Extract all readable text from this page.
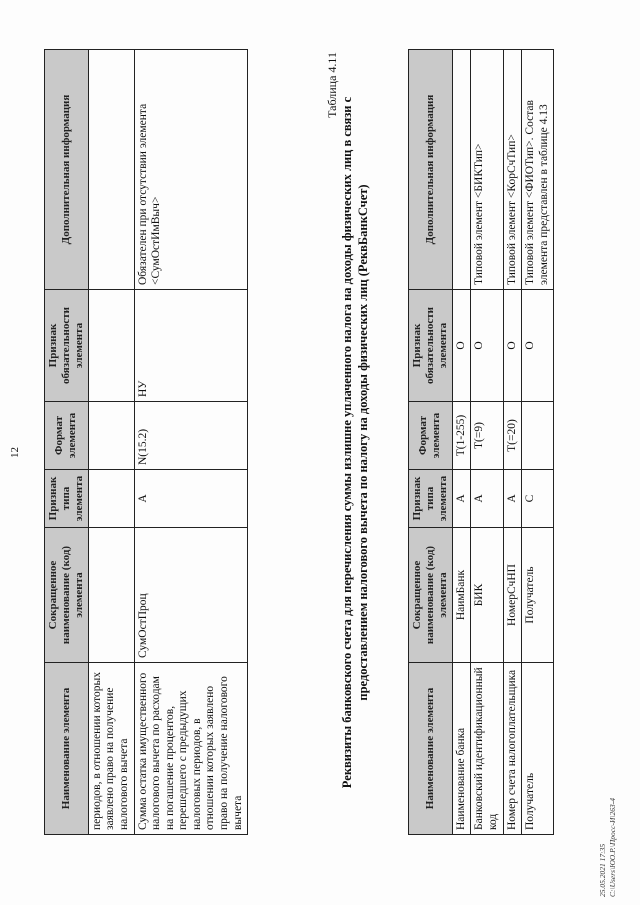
12
Наименование элемента	Сокращенное наименование (код) элемента	Признак типа элемента	Формат элемента	Признак обязательности элемента	Дополнительная информация
периодов, в отношении которых заявлено право на получение налогового вычета					
Сумма остатка имущественного налогового вычета по расходам на погашение процентов, перешедшего с предыдущих налоговых периодов, в отношении которых заявлено право на получение налогового вычета	СумОстПроц	А	N(15.2)	НУ	Обязателен при отсутствии элемента <СумОстИмВыч>
Таблица 4.11
Реквизиты банковского счета для перечисления суммы излишне уплаченного налога на доходы физических лиц в связи с предоставлением налогового вычета по налогу на доходы физических лиц (РеквБанкСчет)
Наименование элемента	Сокращенное наименование (код) элемента	Признак типа элемента	Формат элемента	Признак обязательности элемента	Дополнительная информация
Наименование банка	НаимБанк	А	T(1-255)	О	
Банковский идентификационный код	БИК	А	T(=9)	О	Типовой элемент <БИКТип>
Номер счета налогоплательщика	НомерСчНП	А	T(=20)	О	Типовой элемент <КорСчТип>
Получатель	Получатель	С		О	Типовой элемент <ФИОТип>. Состав элемента представлен в таблице 4.13
25.05.2021 17:35 С:\Users\ЮО.Р.\Просс-И\263-4
